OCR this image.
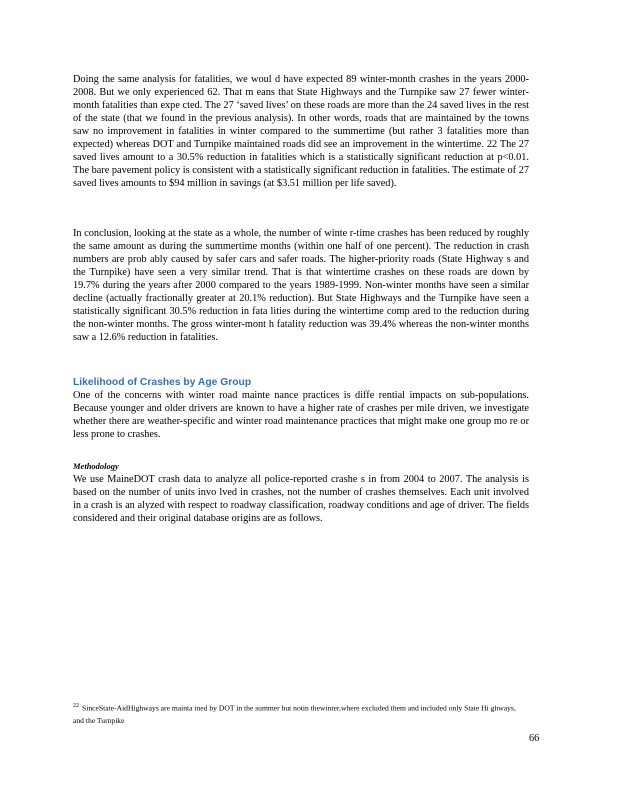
Doing the same analysis for fatalities, we woul d have expected 89 winter-month crashes in the years 2000-2008. But we only experienced 62. That m eans that State Highways and the Turnpike saw 27 fewer winter-month fatalities than expe cted. The 27 ‘saved lives’ on these roads are more than the 24 saved lives in the rest of the state (that we found in the previous analysis). In other words, roads that are maintained by the towns saw no improvement in fatalities in winter compared to the summertime (but rather 3 fatalities more than expected) whereas DOT and Turnpike maintained roads did see an improvement in the wintertime. 22 The 27 saved lives amount to a 30.5% reduction in fatalities which is a statistically significant reduction at p<0.01. The bare pavement policy is consistent with a statistically significant reduction in fatalities. The estimate of 27 saved lives amounts to $94 million in savings (at $3.51 million per life saved).

In conclusion, looking at the state as a whole, the number of winte r-time crashes has been reduced by roughly the same amount as during the summertime months (within one half of one percent). The reduction in crash numbers are prob ably caused by safer cars and safer roads. The higher-priority roads (State Highway s and the Turnpike) have seen a very similar trend. That is that wintertime crashes on these roads are down by 19.7% during the years after 2000 compared to the years 1989-1999. Non-winter months have seen a similar decline (actually fractionally greater at 20.1% reduction). But State Highways and the Turnpike have seen a statistically significant 30.5% reduction in fata lities during the wintertime comp ared to the reduction during the non-winter months. The gross winter-mont h fatality reduction was 39.4% whereas the non-winter months saw a 12.6% reduction in fatalities.

Likelihood of Crashes by Age Group

One of the concerns with winter road mainte nance practices is diffe rential impacts on sub-populations. Because younger and older drivers are known to have a higher rate of crashes per mile driven, we investigate whether there are weather-specific and winter road maintenance practices that might make one group mo re or less prone to crashes.

Methodology

We use MaineDOT crash data to analyze all police-reported crashe s in from 2004 to 2007. The analysis is based on the number of units invo lved in crashes, not the number of crashes themselves. Each unit involved in a crash is an alyzed with respect to roadway classification, roadway conditions and age of driver. The fields considered and their original database origins are as follows.

$^{22}$ SinceState-AidHighways are mainta ined by DOT in the summer but notin thewinter,where excluded them and included only State Hi ghways, and the Turnpike

66
